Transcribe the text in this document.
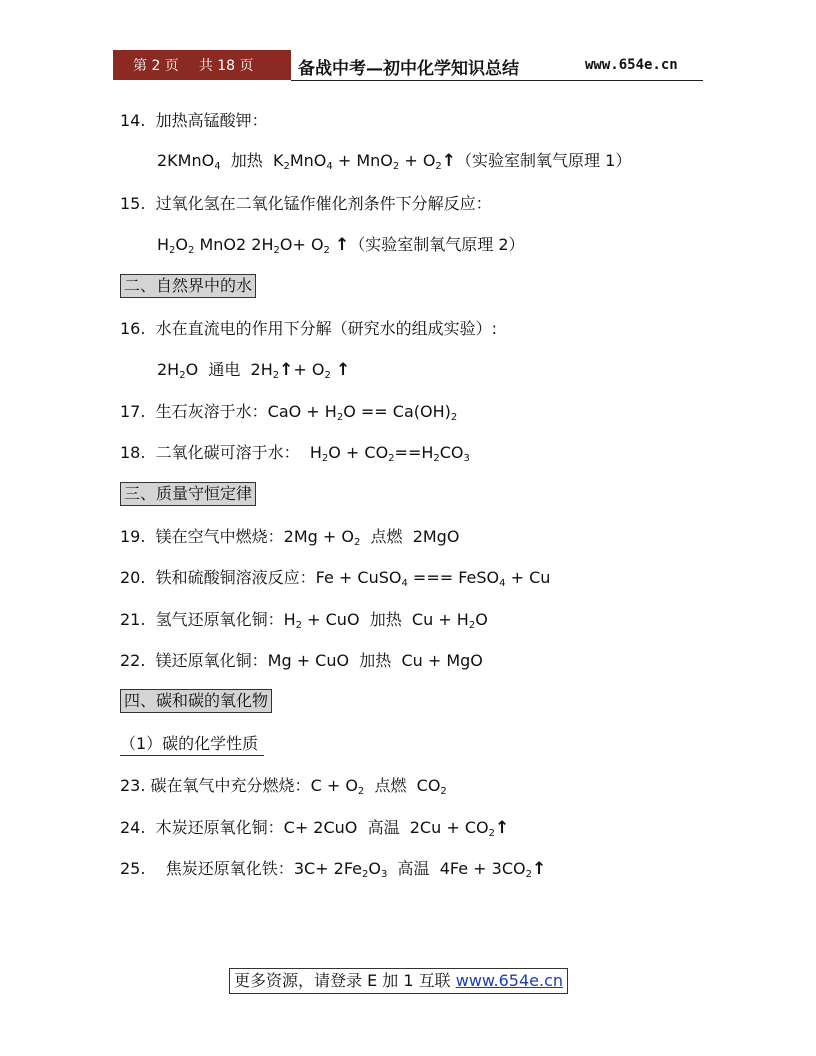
第 2 页 共 18 页	备战中考—初中化学知识总结	www.654e.cn
14. 加热高锰酸钾：
2KMnO$_4$ 加热 $K_2MnO_4 + MnO_2$ + $O_2↑$（实验室制氧气原理 1）
15. 过氧化氢在二氧化锰作催化剂条件下分解反应：
$H_2O_2$ MnO2 $2H_2O+ O_2$ ↑（实验室制氧气原理 2）
二、自然界中的水
16. 水在直流电的作用下分解（研究水的组成实验）:
$2H_2O$ 通电 $2H_2↑+ O_2$ ↑
17. 生石灰溶于水：CaO + $H_2O == Ca(OH)_2$
18. 二氧化碳可溶于水： $H_2O + CO_2==H_2CO_3$
三、质量守恒定律
19. 镁在空气中燃烧：$2Mg + O_2$ 点燃 2MgO
20. 铁和硫酸铜溶液反应：Fe + CuSO$_4$ === FeSO$_4$ + Cu
21. 氢气还原氧化铜：$H_2$ + CuO 加热 $Cu + H_2O$
22. 镁还原氧化铜：Mg + CuO 加热 Cu + MgO
四、碳和碳的氧化物
（1）碳的化学性质
23. 碳在氧气中充分燃烧：$C + O_2$ 点燃 $CO_2$
24. 木炭还原氧化铜：C+ 2CuO 高温 $2Cu + CO_2↑$
25. 焦炭还原氧化铁：$3C+ 2Fe_2O_3$ 高温 $4Fe + 3CO_2↑$
更多资源，请登录 E 加 1 互联 www.654e.cn
